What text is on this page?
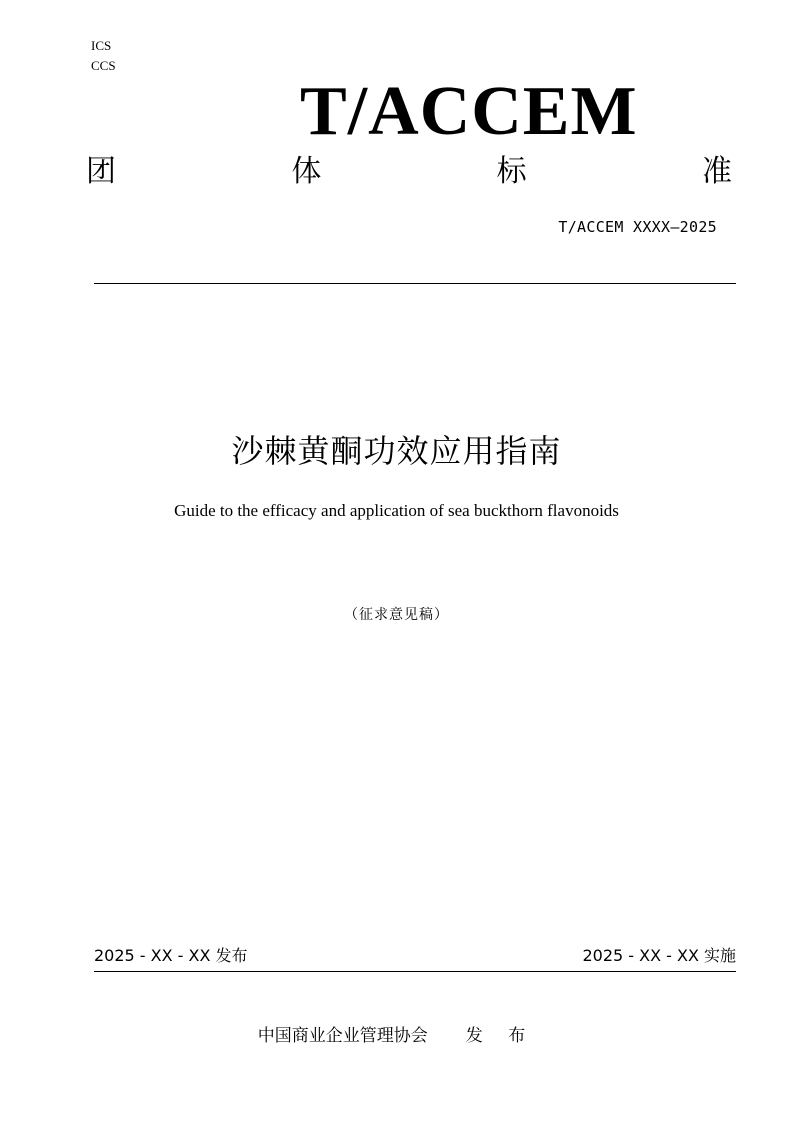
ICS
CCS
T/ACCEM
团	体	标	准
T/ACCEM XXXX—2025
沙棘黄酮功效应用指南
Guide to the efficacy and application of sea buckthorn flavonoids
（征求意见稿）
2025 - XX - XX 发布	2025 - XX - XX 实施
中国商业企业管理协会 发 布
